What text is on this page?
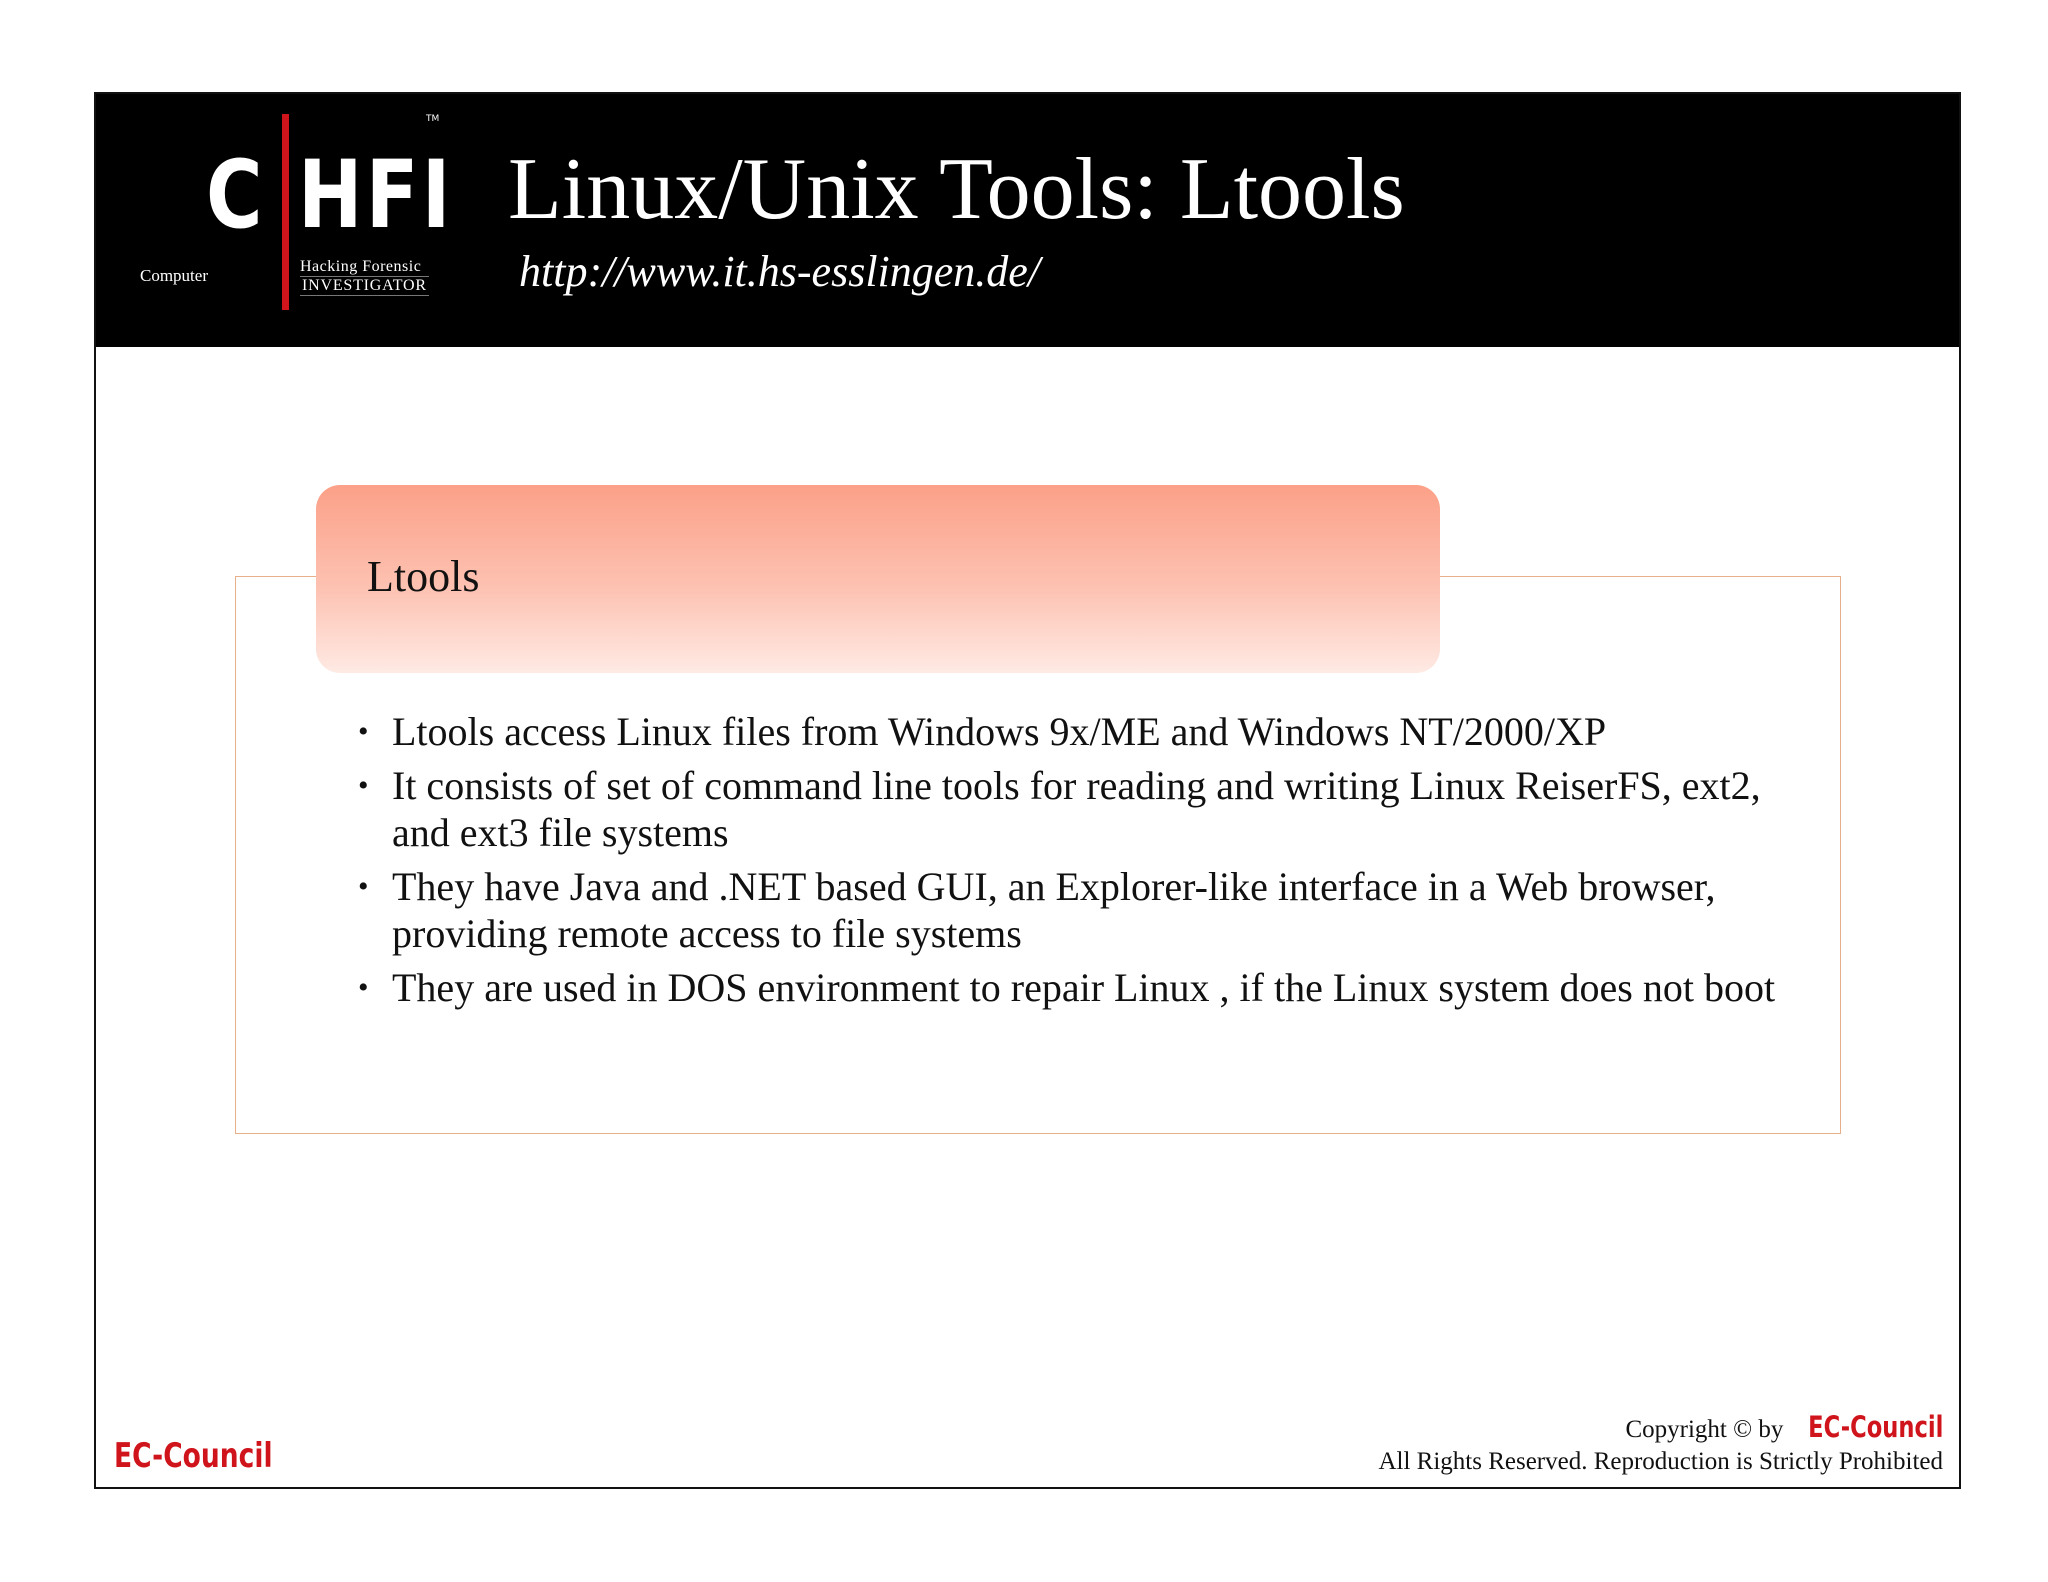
C HFI
TM
Computer	Hacking Forensic
INVESTIGATOR
Linux/Unix Tools: Ltools
http://www.it.hs-esslingen.de/
Ltools
• Ltools access Linux files from Windows 9x/ME and Windows NT/2000/XP
• It consists of set of command line tools for reading and writing Linux ReiserFS, ext2, and ext3 file systems
• They have Java and .NET based GUI, an Explorer-like interface in a Web browser, providing remote access to file systems
• They are used in DOS environment to repair Linux , if the Linux system does not boot
EC-Council
Copyright © by EC-Council
All Rights Reserved. Reproduction is Strictly Prohibited
